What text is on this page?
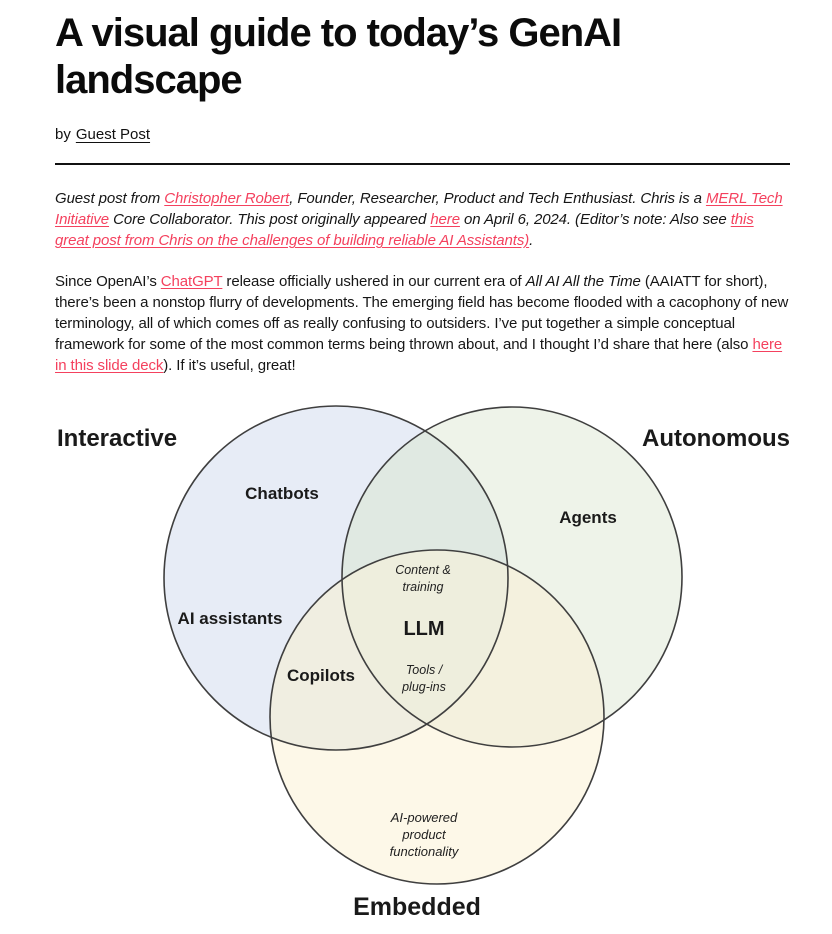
A visual guide to today’s GenAI landscape

by Guest Post

Guest post from Christopher Robert, Founder, Researcher, Product and Tech Enthusiast. Chris is a MERL Tech Initiative Core Collaborator. This post originally appeared here on April 6, 2024. (Editor’s note: Also see this great post from Chris on the challenges of building reliable AI Assistants).

Since OpenAI’s ChatGPT release officially ushered in our current era of All AI All the Time (AAIATT for short), there’s been a nonstop flurry of developments. The emerging field has become flooded with a cacophony of new terminology, all of which comes off as really confusing to outsiders. I’ve put together a simple conceptual framework for some of the most common terms being thrown about, and I thought I’d share that here (also here in this slide deck). If it’s useful, great!

Interactive	Autonomous
Embedded
Chatbots
Agents
AI assistants
Copilots
LLM
Content &
training
Tools /
plug-ins
AI-powered
product
functionality
